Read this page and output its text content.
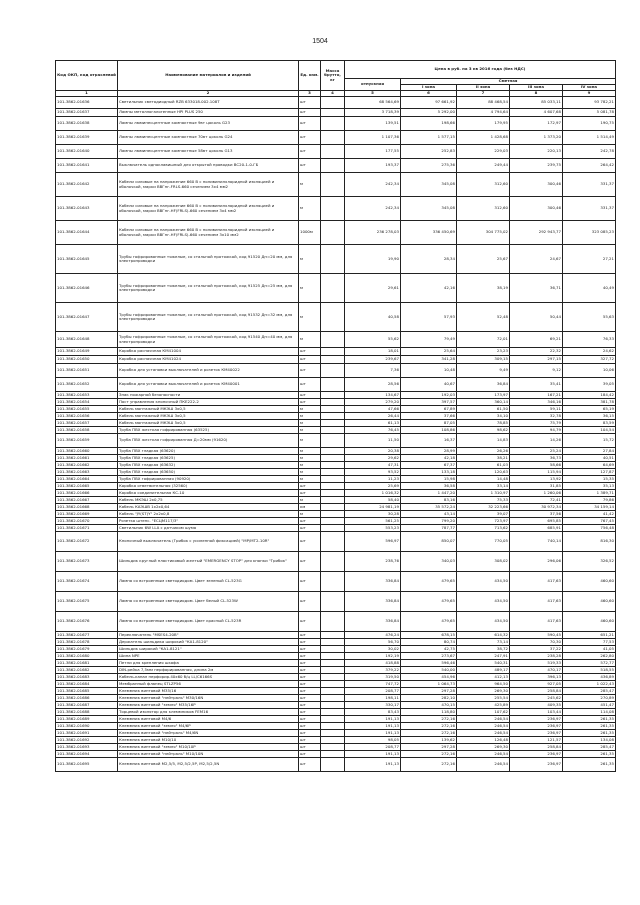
1504
Код ОКП, код отраслевой	Наименование материалов и изделий	Ед. изм.	Масса брутто, кг	Цена в руб. на 3 кв 2016 года (без НДС)				
				отпускная	Сметная			
					I зона	II зона	III зона	IV зона
1	2	3	4	5	6	7	8	9
101-3862-01636	Светильник светодиодный RZB 633018.002.108Т	шт		68 564,69	97 661,92	88 468,54	85 033,11	93 782,21
101-3862-01637	Лампы металлогалогенные HPI PLUS 250	шт		3 718,39	5 292,00	4 794,64	4 607,68	5 081,78
101-3862-01638	Лампы люминесцентные компактные 9вт цоколь G23	шт		139,51	198,66	179,95	172,97	190,75
101-3862-01639	Лампы люминесцентные компактные 70вт цоколь G24	шт		1 107,36	1 577,15	1 428,68	1 373,20	1 514,49
101-3862-01640	Лампы люминесцентные компактные 58вт цоколь G13	шт		177,55	252,83	229,03	220,13	242,78
101-3862-01641	Выключатель одноклавишный для открытой проводки ВС20-1-0-ГБ	шт		193,37	275,36	249,44	239,75	264,42
101-3862-01642	Кабели силовые на напряжение 660 В с поливинилхлоридной изоляцией и оболочкой, марки ВВГнг-FRLS-660 сечением 3х4 мм2	м		242,34	345,08	312,60	300,46	331,37
101-3862-01643	Кабели силовые на напряжение 660 В с поливинилхлоридной изоляцией и оболочкой, марки ВВГнг-HF(FRLS)-660 сечением 3х4 мм2	м		242,34	345,08	312,60	300,46	331,37
101-3862-01644	Кабели силовые на напряжение 660 В с поливинилхлоридной изоляцией и оболочкой, марки ВВГнг-HF(FRLS)-660 сечением 3х10 мм2	1000м		236 278,03	336 450,69	304 775,02	292 943,77	323 085,23
101-3862-01645	Трубы гофрированные тяжелые, со стальной протяжкой, код 91520 Дн=20 мм, для электропроводки	м		19,90	28,34	25,67	24,67	27,21
101-3862-01646	Трубы гофрированные тяжелые, со стальной протяжкой, код 91525 Дн=25 мм, для электропроводки	м		29,61	42,16	38,19	36,71	40,49
101-3862-01647	Трубы гофрированные тяжелые, со стальной протяжкой, код 91532 Дн=32 мм, для электропроводки	м		40,58	57,93	52,48	50,44	55,63
101-3862-01648	Трубы гофрированные тяжелые, со стальной протяжкой, код 91540 Дн=40 мм, для электропроводки	м		55,62	79,49	72,01	69,21	76,33
101-3862-01649	Коробка распаячная КМ41004	шт		18,01	25,64	23,23	22,32	24,62
101-3862-01650	Коробка распаячная КМ41024	шт		239,67	341,28	309,15	297,15	327,72
101-3862-01651	Коробка для установки выключателей и розеток КМ40022	шт		7,36	10,48	9,49	9,12	10,06
101-3862-01652	Коробка для установки выключателей и розеток КМ40001	шт		28,56	40,67	36,84	35,41	39,05
101-3862-01653	Знак пожарной безопасности	шт		134,67	192,03	173,97	167,21	184,42
101-3862-01654	Пост управления кнопочный ПКЕ222-2	шт		279,20	397,57	360,14	346,16	381,78
101-3862-01655	Кабель монтажный МКЭШ 3х0,5	м		47,66	67,89	61,50	59,11	65,19
101-3862-01656	Кабель монтажный МКЭШ 3х0,5	м		26,44	37,66	34,10	32,78	36,15
101-3862-01657	Кабель монтажный МКЭШ 5х0,5	м		61,13	87,05	78,85	75,79	83,59
101-3862-01658	Труба ПВХ жесткая гофрированная (63525)	м		76,45	108,86	98,62	94,79	104,54
101-3862-01659	Труба ПВХ жесткая гофрированная Д=20мм (91620)	м		11,50	16,37	14,83	14,26	15,72
101-3862-01660	Труба ПВХ гладкая (63620)	м		20,38	28,99	26,26	25,24	27,84
101-3862-01661	Труба ПВХ гладкая (63625)	м		29,62	42,18	38,21	36,73	40,51
101-3862-01662	Труба ПВХ гладкая (63632)	м		47,31	67,37	61,03	58,66	64,69
101-3862-01663	Труба ПВХ гладкая (63650)	м		93,52	133,18	120,63	115,94	127,87
101-3862-01664	Труба ПВХ гофрированная (90920)	м		11,23	15,98	14,48	13,92	15,35
101-3862-01665	Коробка ответвительная (32560)	шт		25,69	36,58	33,14	31,85	35,13
101-3862-01666	Коробка соединительная КС-10	шт		1 016,32	1 447,20	1 310,97	1 260,06	1 389,71
101-3862-01667	Кабель МКЭШ 2х0,75	м		58,40	83,16	75,33	72,41	79,86
101-3862-01668	Кабель КАЭШВ 1х2х0,64	км		24 981,19	35 572,24	32 223,66	30 972,34	34 159,14
101-3862-01669	Кабель "JY(ST)Y" 2х2х0,8	м		30,28	43,14	39,07	37,56	41,42
101-3862-01670	Розетка штепс. "ЕСЦМ117/3"	шт		561,25	799,20	723,97	695,85	767,45
101-3862-01671	Светильник 6W LLA с датчиком шума	шт		553,23	787,77	713,62	685,91	756,48
101-3862-01672	Кнопочный выключатель (Грибок с усиленной фиксацией) "МР/МТ2-10R"	шт		596,97	850,07	770,05	740,14	816,30
101-3862-01673	Шильдик круглый пластиковый желтый "EMERGENCY STOP" для кнопки "Грибок"	шт		238,76	340,03	308,02	296,06	326,52
101-3862-01674	Лампа со встроенным светодиодом. Цвет зеленый CL-523G	шт		336,84	479,65	434,50	417,63	460,60
101-3862-01675	Лампа со встроенным светодиодом. Цвет белый CL-523W	шт		336,84	479,65	434,50	417,63	460,60
101-3862-01676	Лампа со встроенным светодиодом. Цвет красный CL-523R	шт		336,84	479,65	434,50	417,63	460,60
101-3862-01677	Переключатель "MSES4-20B"	шт		476,24	678,15	614,32	590,45	651,21
101-3862-01678	Держатель шильдика широкий "КА1-8120"	шт		56,70	80,74	73,14	70,30	77,53
101-3862-01679	Шильдик широкий "КА1-8121"	шт		30,02	42,75	38,72	37,22	41,05
101-3862-01680	Шина NPE	шт		192,19	273,67	247,91	238,28	262,80
101-3862-01681	Петли для крепления шкафа	шт		418,88	596,46	540,31	519,33	572,77
101-3862-01682	DIN-рейка 7,5мм перфорированная, длина 2м	шт		379,22	540,00	489,17	470,17	518,55
101-3862-01683	Кабель-канал перфорир.40х60 б/ц LL/C6166S	шт		319,50	454,96	412,13	396,13	436,89
101-3862-01684	Мембранный фланец STLZP56	шт		747,72	1 064,73	964,50	927,05	1 022,43
101-3862-01685	Клеммник винтовой M35/16	шт		208,77	297,28	269,30	258,84	285,47
101-3862-01686	Клеммник винтовой "нейтраль" M30/16N	шт		198,11	282,10	255,54	245,62	270,89
101-3862-01687	Клеммник винтовой "земля" M35/16P	шт		330,17	470,15	425,89	409,35	451,47
101-3862-01688	Торцевой изолятор для клеммников FEM16	шт		83,43	118,80	107,62	103,44	114,08
101-3862-01689	Клеммник винтовой M4/6	шт		191,13	272,16	246,54	236,97	261,35
101-3862-01690	Клеммник винтовой "земля" M4/6P	шт		191,13	272,16	246,54	236,97	261,35
101-3862-01691	Клеммник винтовой "нейтраль" M4/6N	шт		191,13	272,16	246,54	236,97	261,35
101-3862-01692	Клеммник винтовой M10/10	шт		98,05	139,62	126,48	121,57	134,08
101-3862-01693	Клеммник винтовой "земля" M10/10P	шт		208,77	297,28	269,30	258,84	285,47
101-3862-01694	Клеммник винтовой "нейтраль" M10/10N	шт		191,13	272,16	246,54	236,97	261,35
101-3862-01695	Клеммник винтовой M2,5/5, M2,5/2,5P, M2,5/2,5N	шт		191,13	272,16	246,54	236,97	261,35
